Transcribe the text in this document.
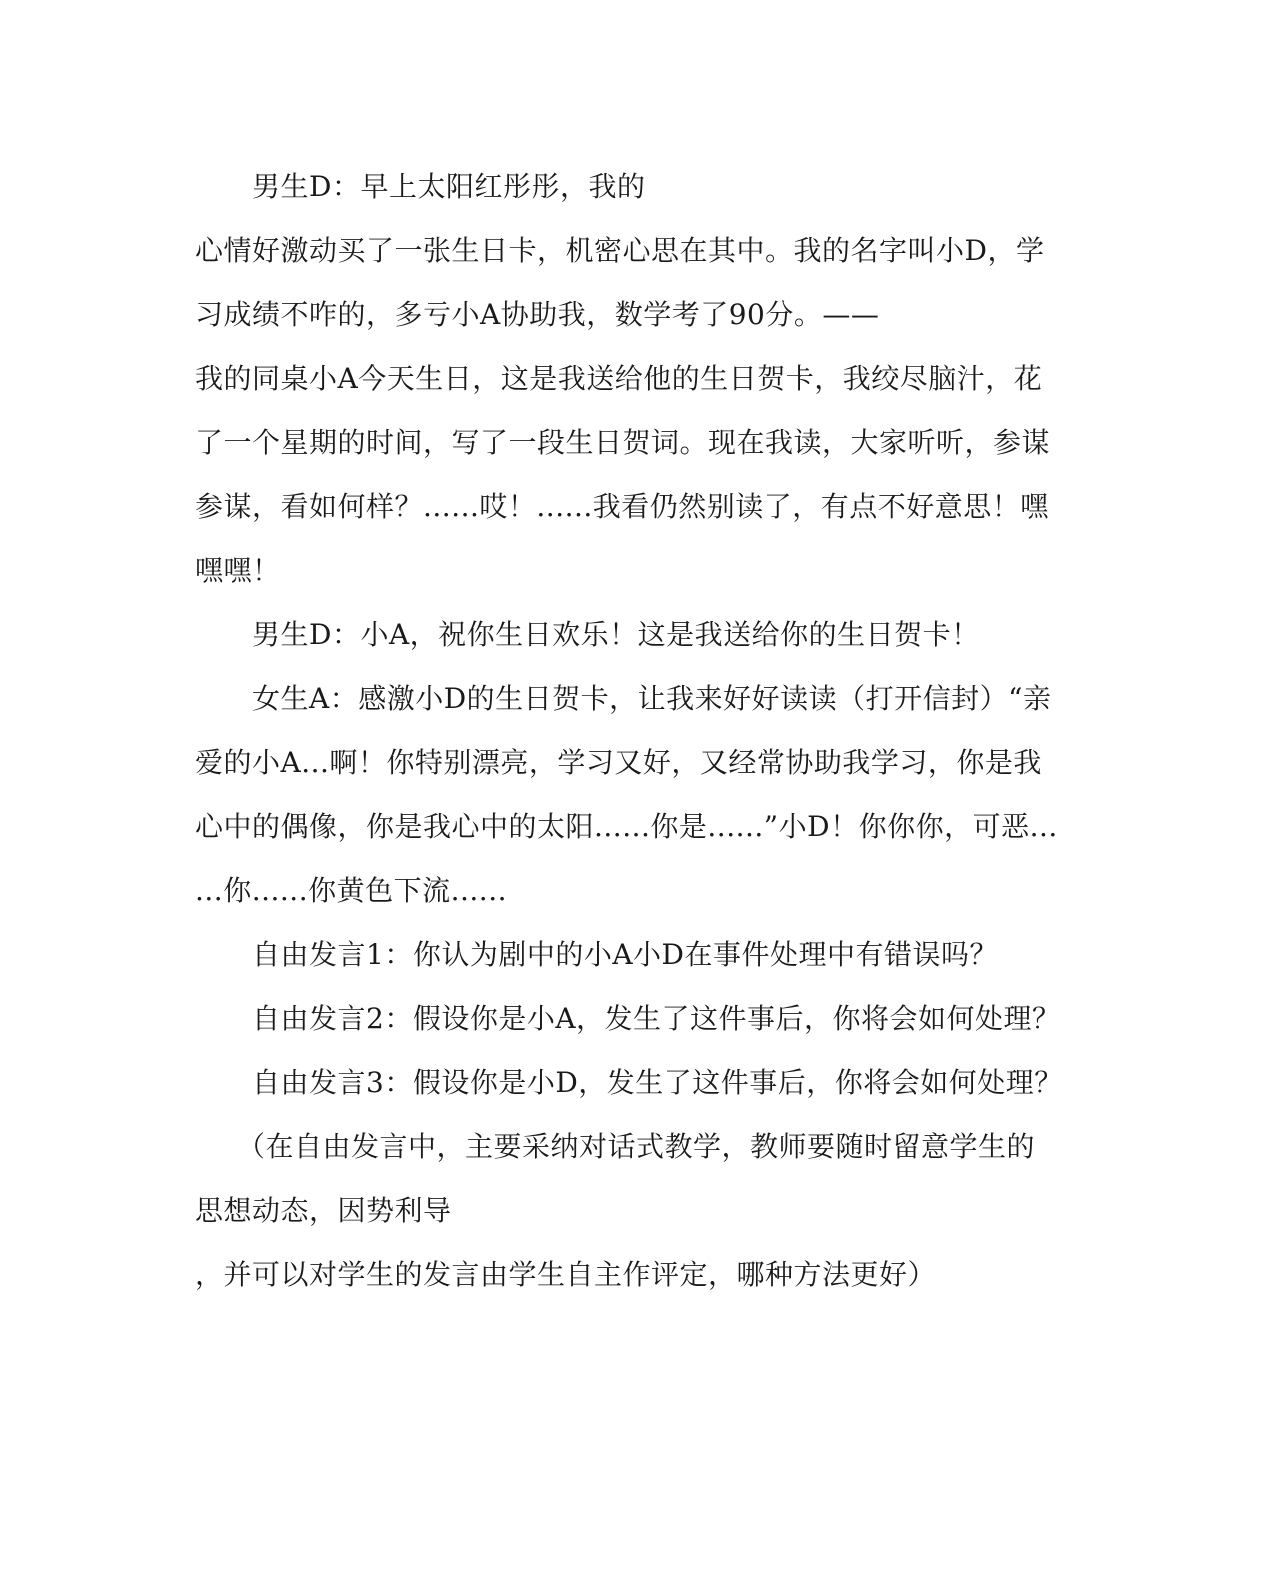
男生D：早上太阳红彤彤，我的
心情好激动买了一张生日卡，机密心思在其中。我的名字叫小D，学
习成绩不咋的，多亏小A协助我，数学考了90分。——
我的同桌小A今天生日，这是我送给他的生日贺卡，我绞尽脑汁，花
了一个星期的时间，写了一段生日贺词。现在我读，大家听听，参谋
参谋，看如何样？......哎！......我看仍然别读了，有点不好意思！嘿
嘿嘿！
男生D：小A，祝你生日欢乐！这是我送给你的生日贺卡！
女生A：感激小D的生日贺卡，让我来好好读读（打开信封）“亲
爱的小A...啊！你特别漂亮，学习又好，又经常协助我学习，你是我
心中的偶像，你是我心中的太阳......你是......”小D！你你你，可恶...
...你......你黄色下流......
自由发言1：你认为剧中的小A小D在事件处理中有错误吗？
自由发言2：假设你是小A，发生了这件事后，你将会如何处理？
自由发言3：假设你是小D，发生了这件事后，你将会如何处理？
（在自由发言中，主要采纳对话式教学，教师要随时留意学生的
思想动态，因势利导
，并可以对学生的发言由学生自主作评定，哪种方法更好）
